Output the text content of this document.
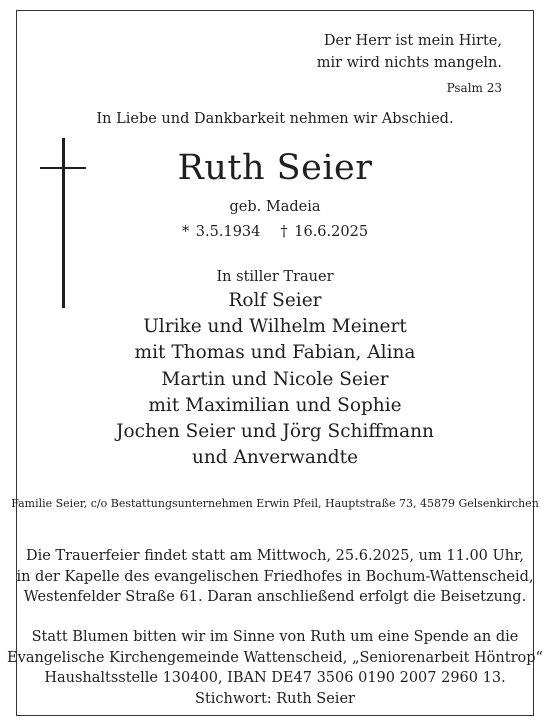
Der Herr ist mein Hirte,
mir wird nichts mangeln.
Psalm 23
In Liebe und Dankbarkeit nehmen wir Abschied.
Ruth Seier
geb. Madeia
* 3.5.1934 † 16.6.2025
In stiller Trauer
Rolf Seier
Ulrike und Wilhelm Meinert
mit Thomas und Fabian, Alina
Martin und Nicole Seier
mit Maximilian und Sophie
Jochen Seier und Jörg Schiffmann
und Anverwandte
Familie Seier, c/o Bestattungsunternehmen Erwin Pfeil, Hauptstraße 73, 45879 Gelsenkirchen
Die Trauerfeier findet statt am Mittwoch, 25.6.2025, um 11.00 Uhr,
in der Kapelle des evangelischen Friedhofes in Bochum-Wattenscheid,
Westenfelder Straße 61. Daran anschließend erfolgt die Beisetzung.
Statt Blumen bitten wir im Sinne von Ruth um eine Spende an die
Evangelische Kirchengemeinde Wattenscheid, „Seniorenarbeit Höntrop“
Haushaltsstelle 130400, IBAN DE47 3506 0190 2007 2960 13.
Stichwort: Ruth Seier
